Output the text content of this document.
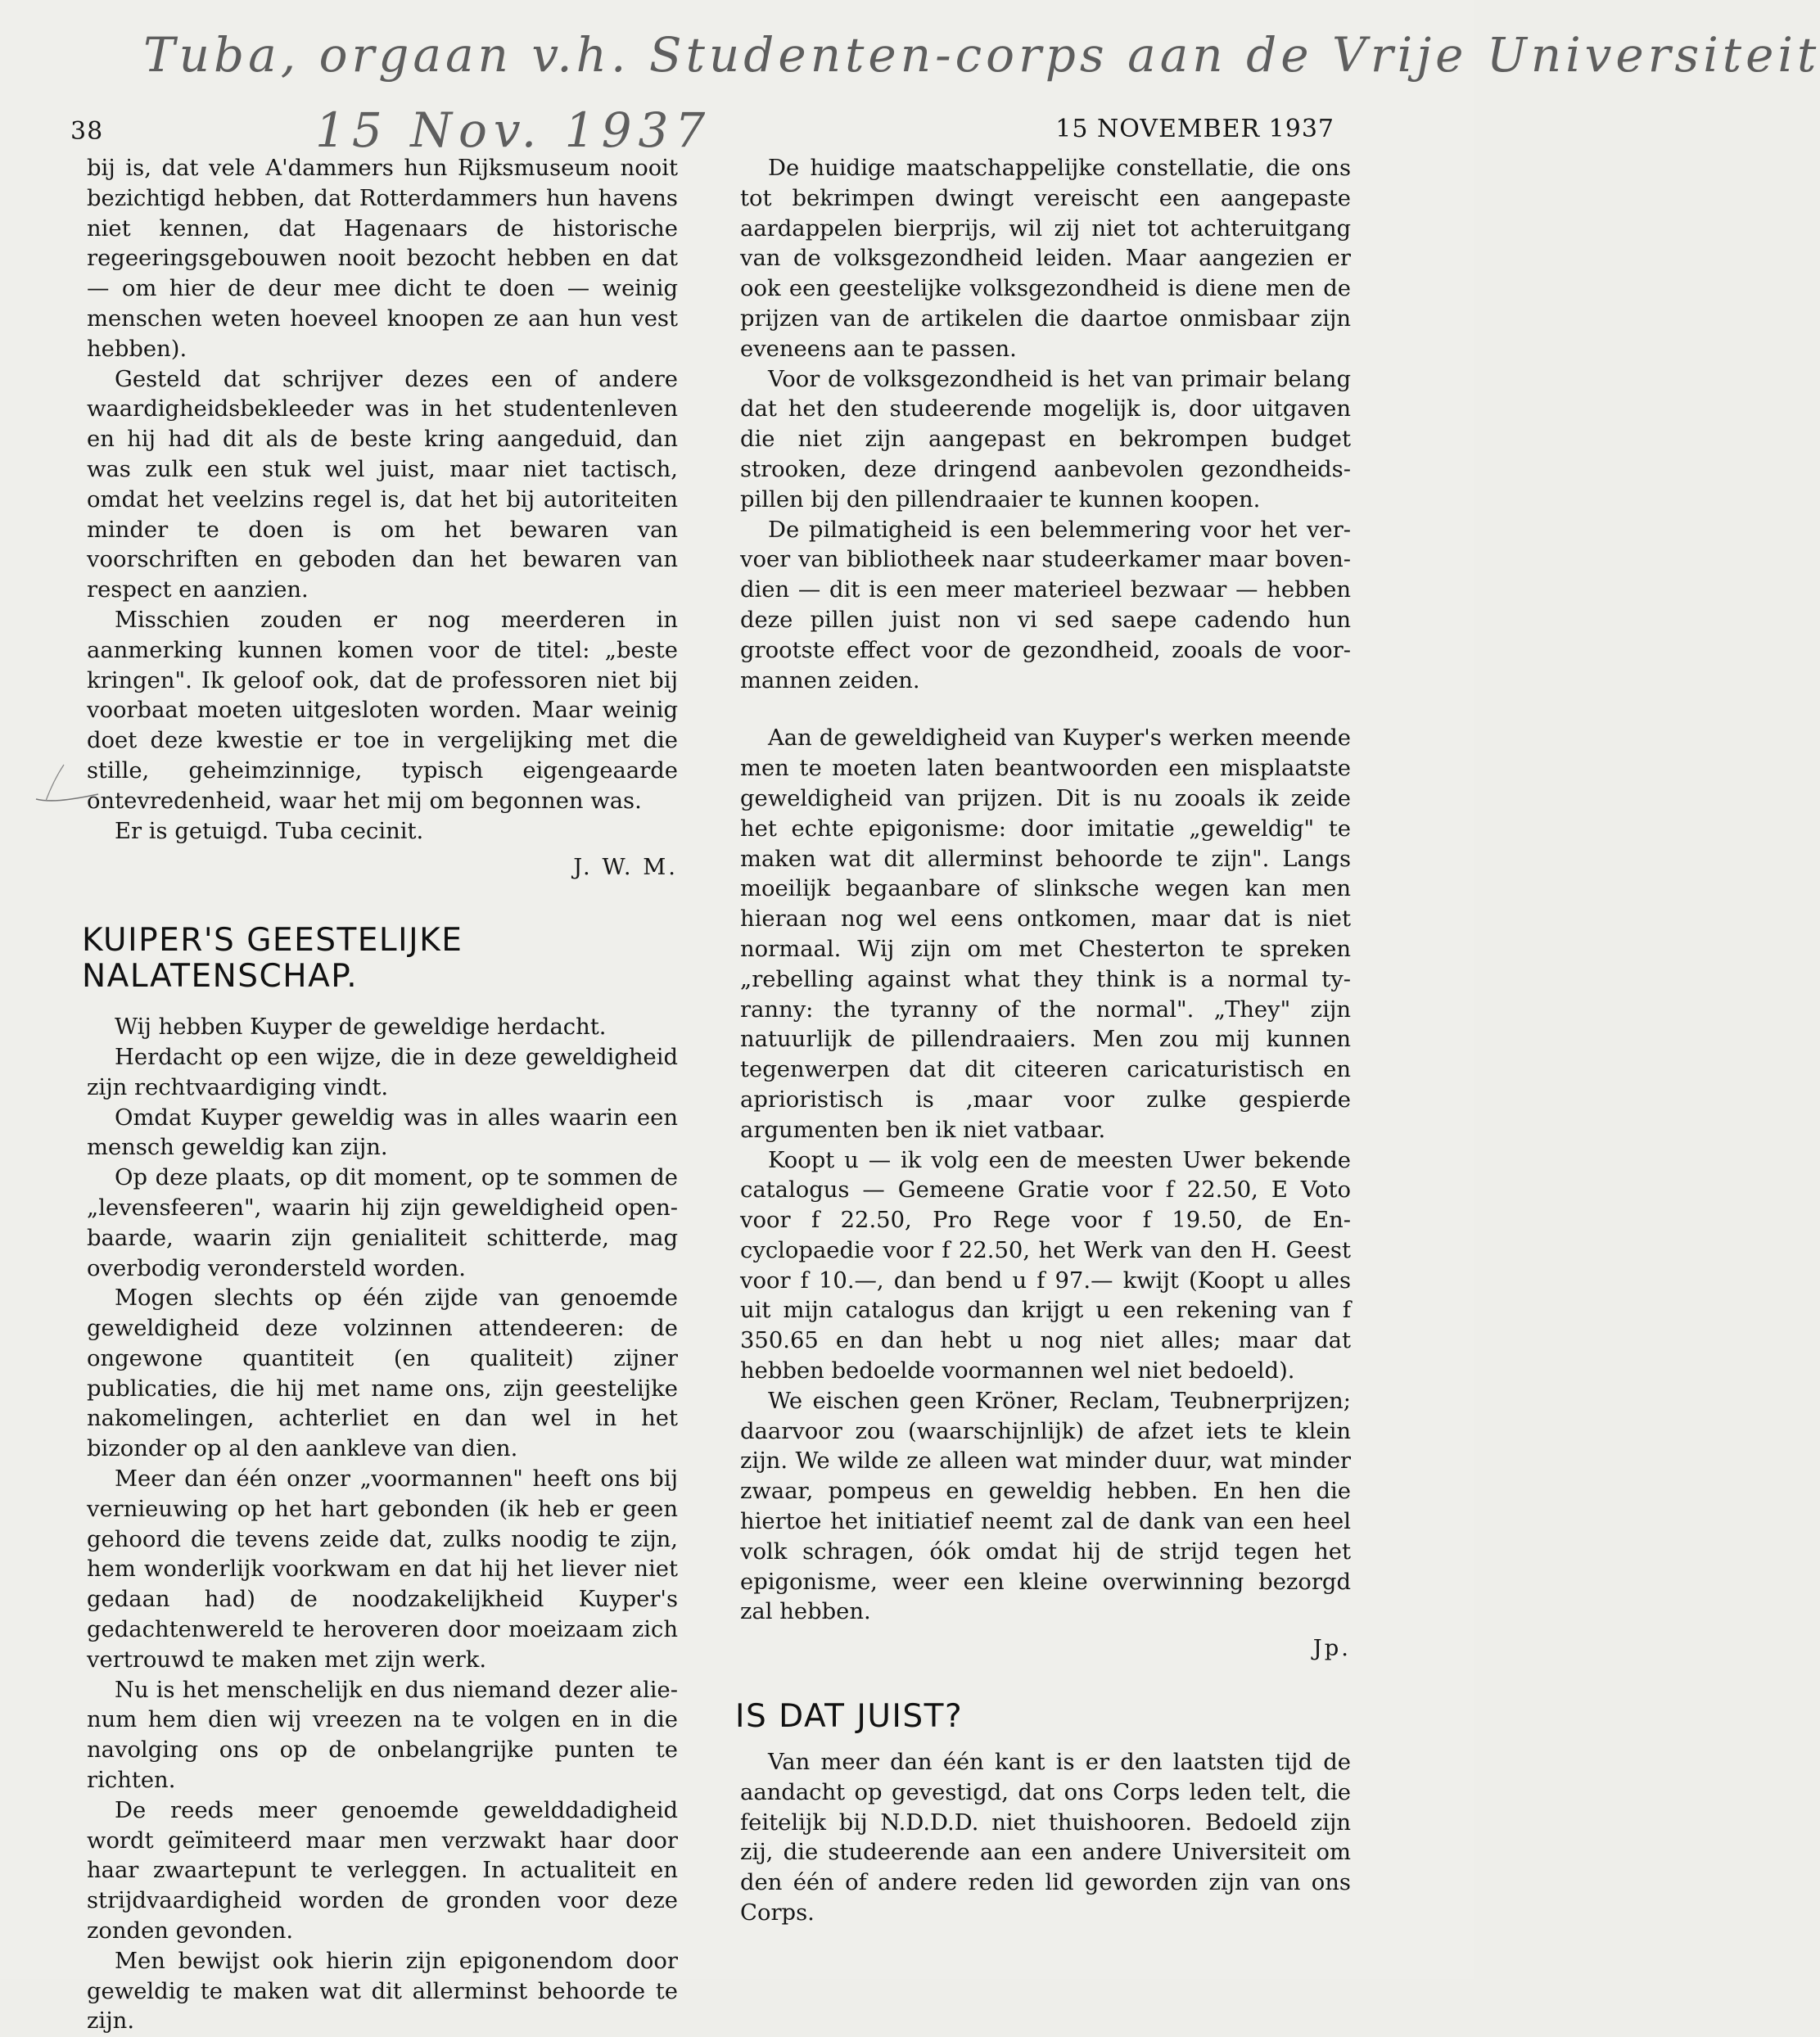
Tuba, orgaan v.h. Studenten-corps aan de Vrije Universiteit
15 Nov. 1937
38	15 NOVEMBER 1937

bij is, dat vele A'dammers hun Rijksmuseum nooit bezichtigd hebben, dat Rotterdammers hun havens niet kennen, dat Hagenaars de historische regeeringsgebouwen nooit bezocht hebben en dat — om hier de deur mee dicht te doen — weinig menschen weten hoeveel knoopen ze aan hun vest hebben).

Gesteld dat schrijver dezes een of andere waardigheidsbekleeder was in het studentenleven en hij had dit als de beste kring aangeduid, dan was zulk een stuk wel juist, maar niet tactisch, omdat het veelzins regel is, dat het bij autoriteiten minder te doen is om het bewaren van voorschriften en geboden dan het bewaren van respect en aanzien.

Misschien zouden er nog meerderen in aanmerking kunnen komen voor de titel: „beste kringen". Ik geloof ook, dat de professoren niet bij voorbaat moeten uitgesloten worden. Maar weinig doet deze kwestie er toe in vergelijking met die stille, geheimzinnige, typisch eigengeaarde ontevredenheid, waar het mij om begonnen was.

Er is getuigd. Tuba cecinit.

J. W. M.

KUIPER'S GEESTELIJKE NALATENSCHAP.

Wij hebben Kuyper de geweldige herdacht.

Herdacht op een wijze, die in deze geweldigheid zijn rechtvaardiging vindt.

Omdat Kuyper geweldig was in alles waarin een mensch geweldig kan zijn.

Op deze plaats, op dit moment, op te sommen de „levensfeeren", waarin hij zijn geweldigheid openbaarde, waarin zijn genialiteit schitterde, mag overbodig verondersteld worden.

Mogen slechts op één zijde van genoemde geweldigheid deze volzinnen attendeeren: de ongewone quantiteit (en qualiteit) zijner publicaties, die hij met name ons, zijn geestelijke nakomelingen, achterliet en dan wel in het bizonder op al den aankleve van dien.

Meer dan één onzer „voormannen" heeft ons bij vernieuwing op het hart gebonden (ik heb er geen gehoord die tevens zeide dat, zulks noodig te zijn, hem wonderlijk voorkwam en dat hij het liever niet gedaan had) de noodzakelijkheid Kuyper's gedachtenwereld te heroveren door moeizaam zich vertrouwd te maken met zijn werk.

Nu is het menschelijk en dus niemand dezer alienum hem dien wij vreezen na te volgen en in die navolging ons op de onbelangrijke punten te richten.

De reeds meer genoemde gewelddadigheid wordt geïmiteerd maar men verzwakt haar door haar zwaartepunt te verleggen. In actualiteit en strijdvaardigheid worden de gronden voor deze zonden gevonden.

Men bewijst ook hierin zijn epigonendom door geweldig te maken wat dit allerminst behoorde te zijn.

De huidige maatschappelijke constellatie, die ons tot bekrimpen dwingt vereischt een aangepaste aardappelen bierprijs, wil zij niet tot achteruitgang van de volksgezondheid leiden. Maar aangezien er ook een geestelijke volksgezondheid is diene men de prijzen van de artikelen die daartoe onmisbaar zijn eveneens aan te passen.

Voor de volksgezondheid is het van primair belang dat het den studeerende mogelijk is, door uitgaven die niet zijn aangepast en bekrompen budget strooken, deze dringend aanbevolen gezondheidspillen bij den pillendraaier te kunnen koopen.

De pilmatigheid is een belemmering voor het vervoer van bibliotheek naar studeerkamer maar bovendien — dit is een meer materieel bezwaar — hebben deze pillen juist non vi sed saepe cadendo hun grootste effect voor de gezondheid, zooals de voormannen zeiden.

Aan de geweldigheid van Kuyper's werken meende men te moeten laten beantwoorden een misplaatste geweldigheid van prijzen. Dit is nu zooals ik zeide het echte epigonisme: door imitatie „geweldig" te maken wat dit allerminst behoorde te zijn". Langs moeilijk begaanbare of slinksche wegen kan men hieraan nog wel eens ontkomen, maar dat is niet normaal. Wij zijn om met Chesterton te spreken „rebelling against what they think is a normal tyranny: the tyranny of the normal". „They" zijn natuurlijk de pillendraaiers. Men zou mij kunnen tegenwerpen dat dit citeeren caricaturistisch en aprioristisch is ,maar voor zulke gespierde argumenten ben ik niet vatbaar.

Koopt u — ik volg een de meesten Uwer bekende catalogus — Gemeene Gratie voor f 22.50, E Voto voor f 22.50, Pro Rege voor f 19.50, de Encyclopaedie voor f 22.50, het Werk van den H. Geest voor f 10.—, dan bend u f 97.— kwijt (Koopt u alles uit mijn catalogus dan krijgt u een rekening van f 350.65 en dan hebt u nog niet alles; maar dat hebben bedoelde voormannen wel niet bedoeld).

We eischen geen Kröner, Reclam, Teubnerprijzen; daarvoor zou (waarschijnlijk) de afzet iets te klein zijn. We wilde ze alleen wat minder duur, wat minder zwaar, pompeus en geweldig hebben. En hen die hiertoe het initiatief neemt zal de dank van een heel volk schragen, óók omdat hij de strijd tegen het epigonisme, weer een kleine overwinning bezorgd zal hebben.

Jp.

IS DAT JUIST?

Van meer dan één kant is er den laatsten tijd de aandacht op gevestigd, dat ons Corps leden telt, die feitelijk bij N.D.D.D. niet thuishooren. Bedoeld zijn zij, die studeerende aan een andere Universiteit om den één of andere reden lid geworden zijn van ons Corps.
